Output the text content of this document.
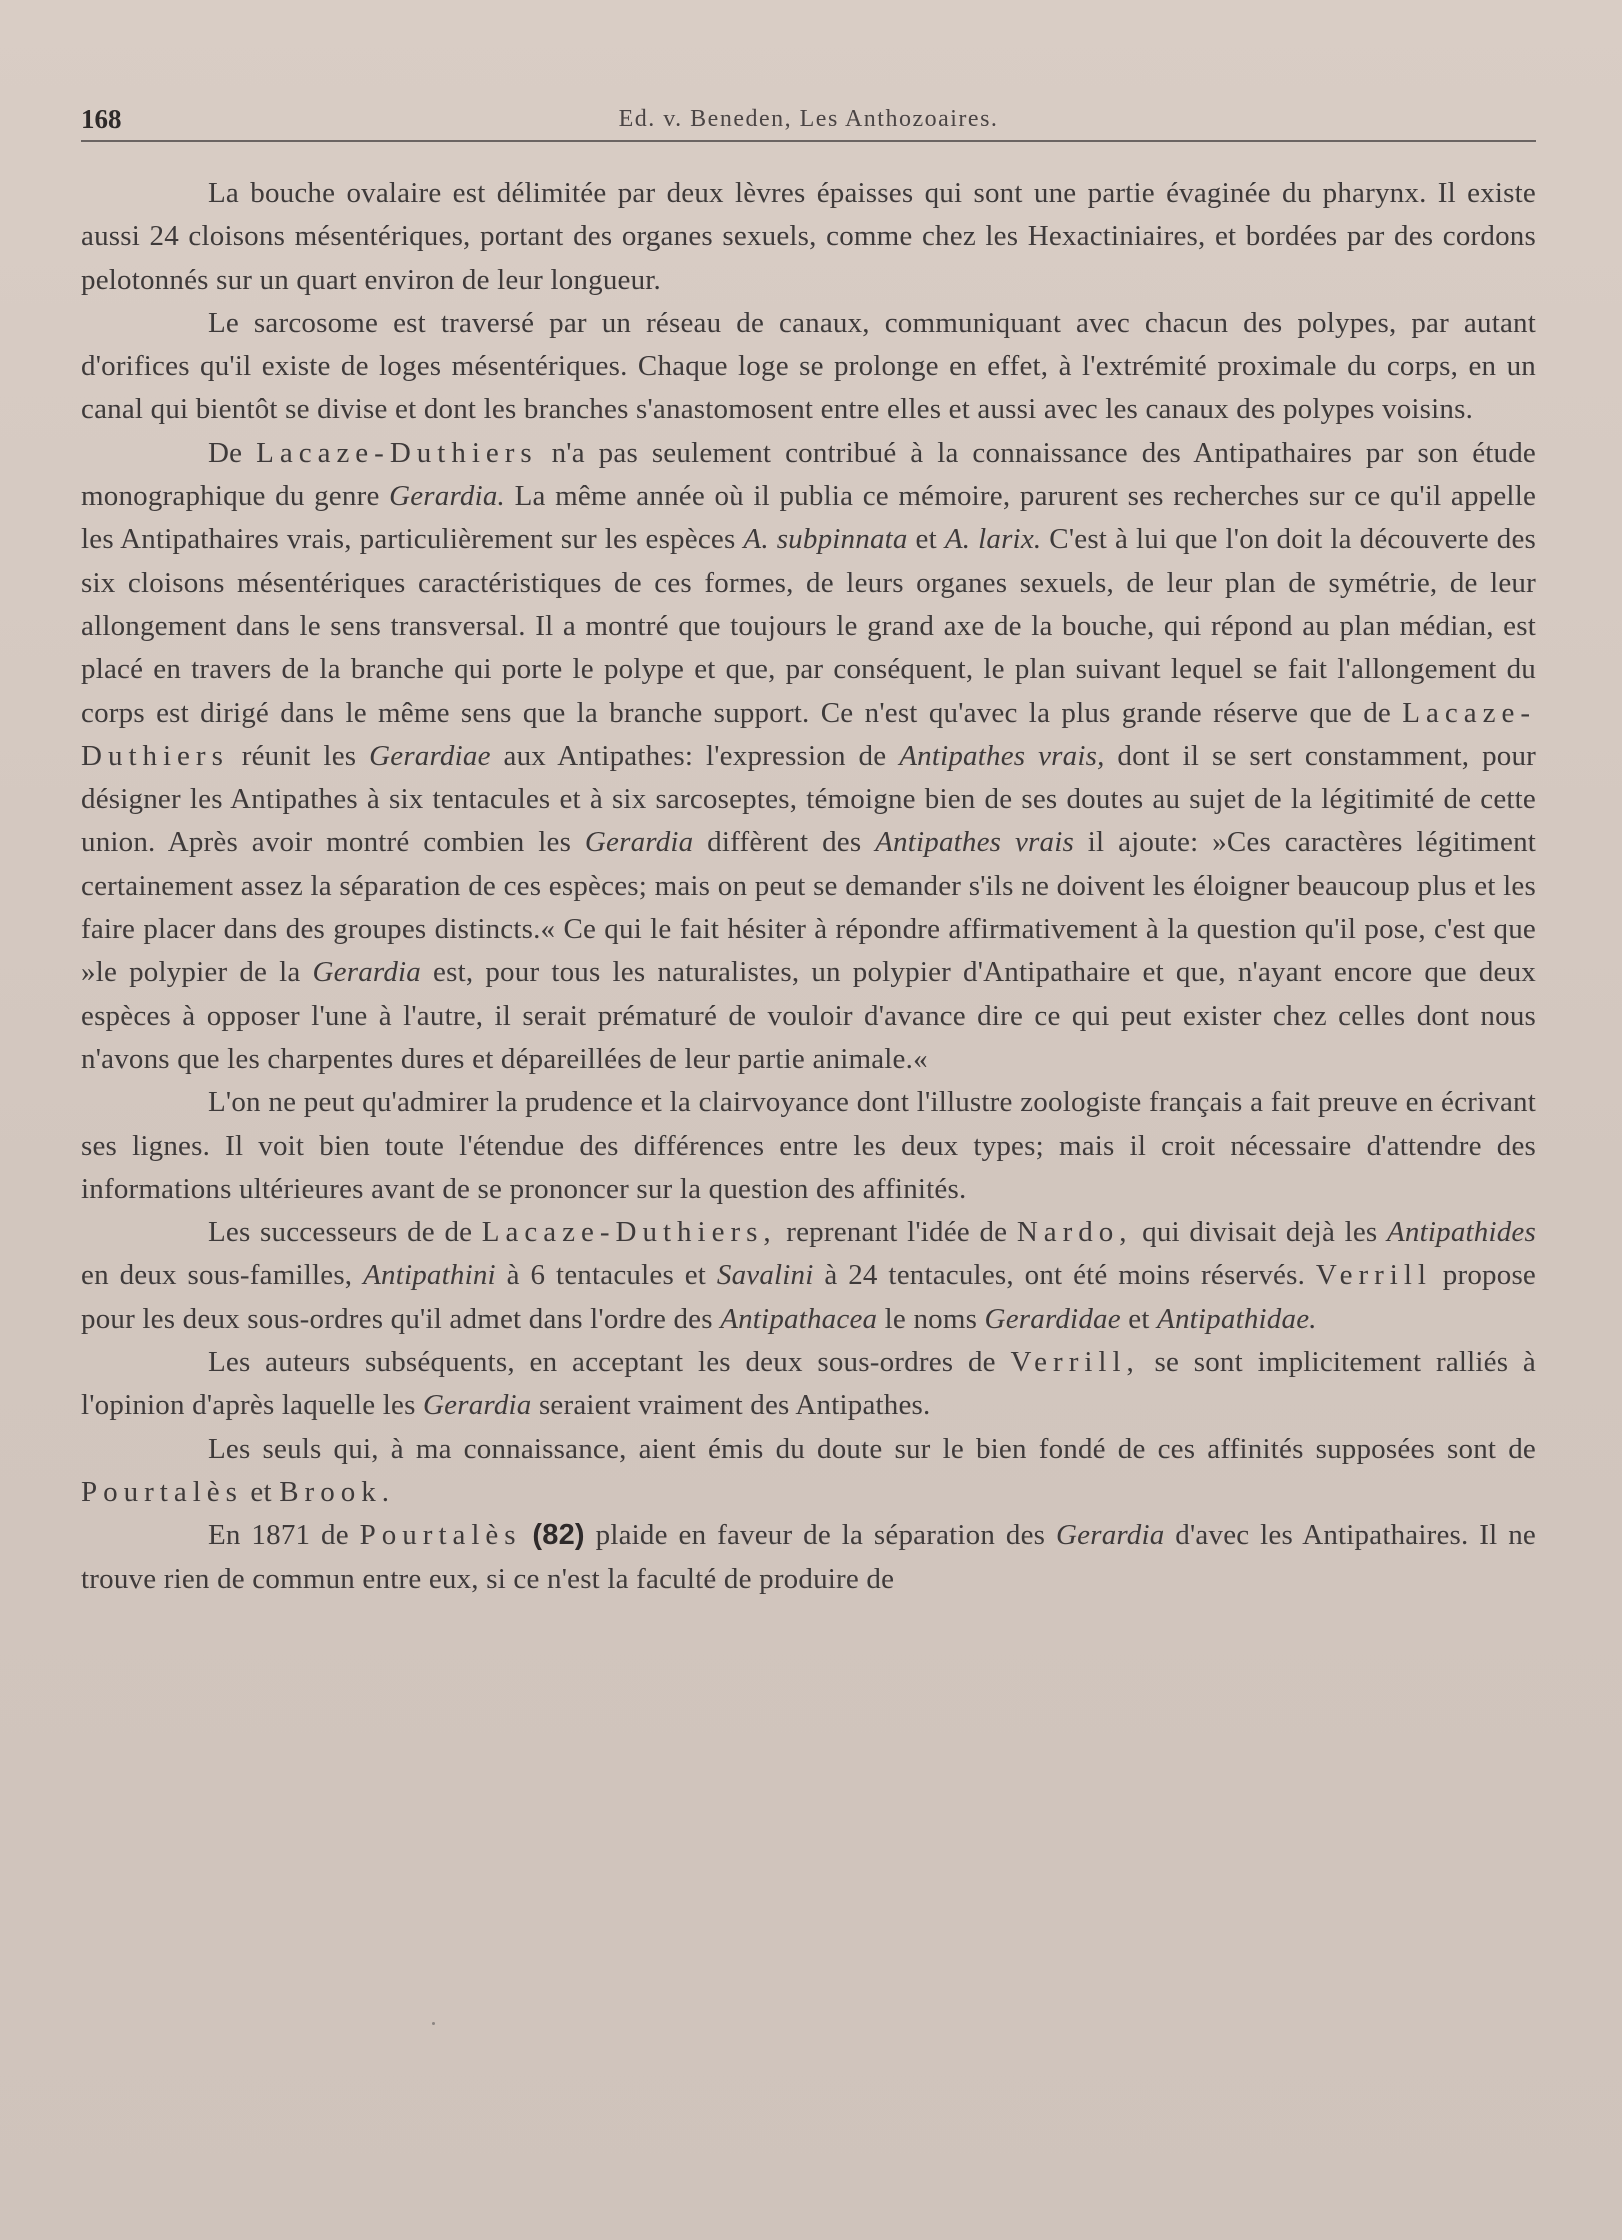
168	Ed. v. Beneden, Les Anthozoaires.

La bouche ovalaire est délimitée par deux lèvres épaisses qui sont une partie évaginée du pharynx. Il existe aussi 24 cloisons mésentériques, portant des organes sexuels, comme chez les Hexactiniaires, et bordées par des cordons pelotonnés sur un quart environ de leur longueur.

Le sarcosome est traversé par un réseau de canaux, communiquant avec chacun des polypes, par autant d'orifices qu'il existe de loges mésentériques. Chaque loge se prolonge en effet, à l'extrémité proximale du corps, en un canal qui bientôt se divise et dont les branches s'anastomosent entre elles et aussi avec les canaux des polypes voisins.

De Lacaze-Duthiers n'a pas seulement contribué à la connaissance des Antipathaires par son étude monographique du genre Gerardia. La même année où il publia ce mémoire, parurent ses recherches sur ce qu'il appelle les Antipathaires vrais, particulièrement sur les espèces A. subpinnata et A. larix. C'est à lui que l'on doit la découverte des six cloisons mésentériques caractéristiques de ces formes, de leurs organes sexuels, de leur plan de symétrie, de leur allongement dans le sens transversal. Il a montré que toujours le grand axe de la bouche, qui répond au plan médian, est placé en travers de la branche qui porte le polype et que, par conséquent, le plan suivant lequel se fait l'allongement du corps est dirigé dans le même sens que la branche support. Ce n'est qu'avec la plus grande réserve que de Lacaze-Duthiers réunit les Gerardiae aux Antipathes: l'expression de Antipathes vrais, dont il se sert constamment, pour désigner les Antipathes à six tentacules et à six sarcoseptes, témoigne bien de ses doutes au sujet de la légitimité de cette union. Après avoir montré combien les Gerardia diffèrent des Antipathes vrais il ajoute: »Ces caractères légitiment certainement assez la séparation de ces espèces; mais on peut se demander s'ils ne doivent les éloigner beaucoup plus et les faire placer dans des groupes distincts.« Ce qui le fait hésiter à répondre affirmativement à la question qu'il pose, c'est que »le polypier de la Gerardia est, pour tous les naturalistes, un polypier d'Antipathaire et que, n'ayant encore que deux espèces à opposer l'une à l'autre, il serait prématuré de vouloir d'avance dire ce qui peut exister chez celles dont nous n'avons que les charpentes dures et dépareillées de leur partie animale.«

L'on ne peut qu'admirer la prudence et la clairvoyance dont l'illustre zoologiste français a fait preuve en écrivant ses lignes. Il voit bien toute l'étendue des différences entre les deux types; mais il croit nécessaire d'attendre des informations ultérieures avant de se prononcer sur la question des affinités.

Les successeurs de de Lacaze-Duthiers, reprenant l'idée de Nardo, qui divisait dejà les Antipathides en deux sous-familles, Antipathini à 6 tentacules et Savalini à 24 tentacules, ont été moins réservés. Verrill propose pour les deux sous-ordres qu'il admet dans l'ordre des Antipathacea le noms Gerardidae et Antipathidae.

Les auteurs subséquents, en acceptant les deux sous-ordres de Verrill, se sont implicitement ralliés à l'opinion d'après laquelle les Gerardia seraient vraiment des Antipathes.

Les seuls qui, à ma connaissance, aient émis du doute sur le bien fondé de ces affinités supposées sont de Pourtalès et Brook.

En 1871 de Pourtalès (82) plaide en faveur de la séparation des Gerardia d'avec les Antipathaires. Il ne trouve rien de commun entre eux, si ce n'est la faculté de produire de
